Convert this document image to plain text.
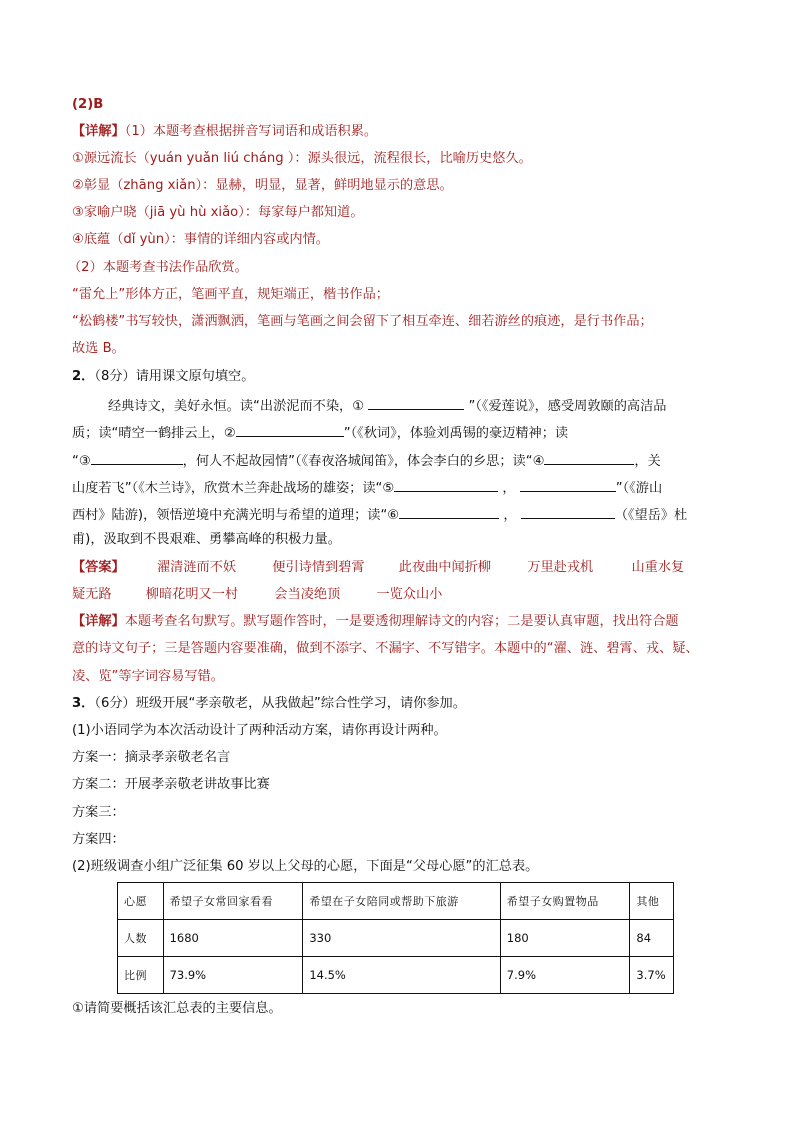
(2)B
【详解】（1）本题考查根据拼音写词语和成语积累。
①源远流长（yuán yuǎn liú cháng ）：源头很远，流程很长，比喻历史悠久。
②彰显（zhāng xiǎn）：显赫，明显，显著，鲜明地显示的意思。
③家喻户晓（jiā yù hù xiǎo）：每家每户都知道。
④底蕴（dǐ yùn）：事情的详细内容或内情。
（2）本题考查书法作品欣赏。
“雷允上”形体方正，笔画平直，规矩端正，楷书作品；
“松鹤楼”书写较快，潇洒飘洒，笔画与笔画之间会留下了相互牵连、细若游丝的痕迹，是行书作品；
故选 B。
2．（8分）请用课文原句填空。
经典诗文，美好永恒。读“出淤泥而不染，①	”（《爱莲说》，感受周敦颐的高洁品
质；读“晴空一鹤排云上，②	”（《秋词》，体验刘禹锡的豪迈精神；读
“③	，何人不起故园情”（《春夜洛城闻笛》，体会李白的乡思；读“④	，关
山度若飞”（《木兰诗》，欣赏木兰奔赴战场的雄姿；读“⑤	，	”（《游山
西村》陆游)，领悟逆境中充满光明与希望的道理；读“⑥	，	（《望岳》杜
甫)，汲取到不畏艰难、勇攀高峰的积极力量。
【答案】 濯清涟而不妖	便引诗情到碧霄	此夜曲中闻折柳	万里赴戎机	山重水复
疑无路	柳暗花明又一村	会当凌绝顶	一览众山小
【详解】本题考查名句默写。默写题作答时，一是要透彻理解诗文的内容；二是要认真审题，找出符合题
意的诗文句子；三是答题内容要准确，做到不添字、不漏字、不写错字。本题中的“濯、涟、碧霄、戎、疑、
凌、览”等字词容易写错。
3．（6分）班级开展“孝亲敬老，从我做起”综合性学习，请你参加。
(1)小语同学为本次活动设计了两种活动方案，请你再设计两种。
方案一：摘录孝亲敬老名言
方案二：开展孝亲敬老讲故事比赛
方案三：
方案四：
(2)班级调查小组广泛征集 60 岁以上父母的心愿，下面是“父母心愿”的汇总表。
心愿	希望子女常回家看看	希望在子女陪同或帮助下旅游	希望子女购置物品	其他
人数	1680	330	180	84
比例	73.9%	14.5%	7.9%	3.7%
①请简要概括该汇总表的主要信息。
